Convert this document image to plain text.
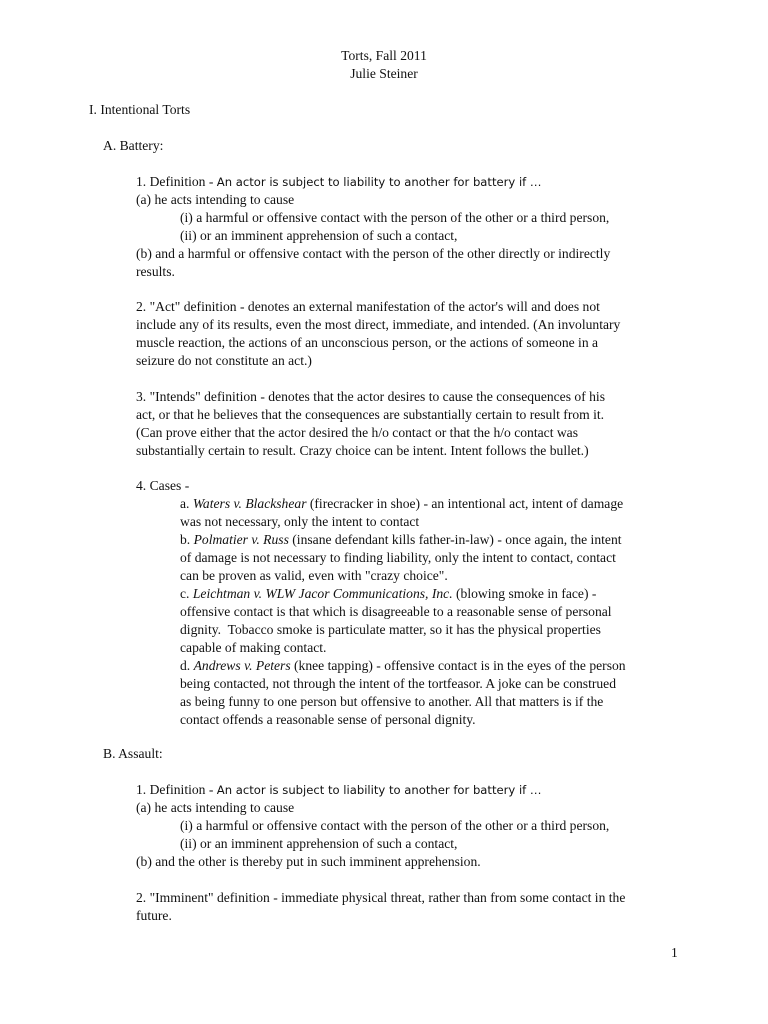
Torts, Fall 2011
Julie Steiner
I. Intentional Torts
A. Battery:
1. Definition - An actor is subject to liability to another for battery if …
(a) he acts intending to cause
(i) a harmful or offensive contact with the person of the other or a third person,
(ii) or an imminent apprehension of such a contact,
(b) and a harmful or offensive contact with the person of the other directly or indirectly
results.
2. "Act" definition - denotes an external manifestation of the actor's will and does not
include any of its results, even the most direct, immediate, and intended. (An involuntary
muscle reaction, the actions of an unconscious person, or the actions of someone in a
seizure do not constitute an act.)
3. "Intends" definition - denotes that the actor desires to cause the consequences of his
act, or that he believes that the consequences are substantially certain to result from it.
(Can prove either that the actor desired the h/o contact or that the h/o contact was
substantially certain to result. Crazy choice can be intent. Intent follows the bullet.)
4. Cases -
a. Waters v. Blackshear (firecracker in shoe) - an intentional act, intent of damage
was not necessary, only the intent to contact
b. Polmatier v. Russ (insane defendant kills father-in-law) - once again, the intent
of damage is not necessary to finding liability, only the intent to contact, contact
can be proven as valid, even with "crazy choice".
c. Leichtman v. WLW Jacor Communications, Inc. (blowing smoke in face) -
offensive contact is that which is disagreeable to a reasonable sense of personal
dignity.  Tobacco smoke is particulate matter, so it has the physical properties
capable of making contact.
d. Andrews v. Peters (knee tapping) - offensive contact is in the eyes of the person
being contacted, not through the intent of the tortfeasor. A joke can be construed
as being funny to one person but offensive to another. All that matters is if the
contact offends a reasonable sense of personal dignity.
B. Assault:
1. Definition - An actor is subject to liability to another for battery if …
(a) he acts intending to cause
(i) a harmful or offensive contact with the person of the other or a third person,
(ii) or an imminent apprehension of such a contact,
(b) and the other is thereby put in such imminent apprehension.
2. "Imminent" definition - immediate physical threat, rather than from some contact in the
future.
1
